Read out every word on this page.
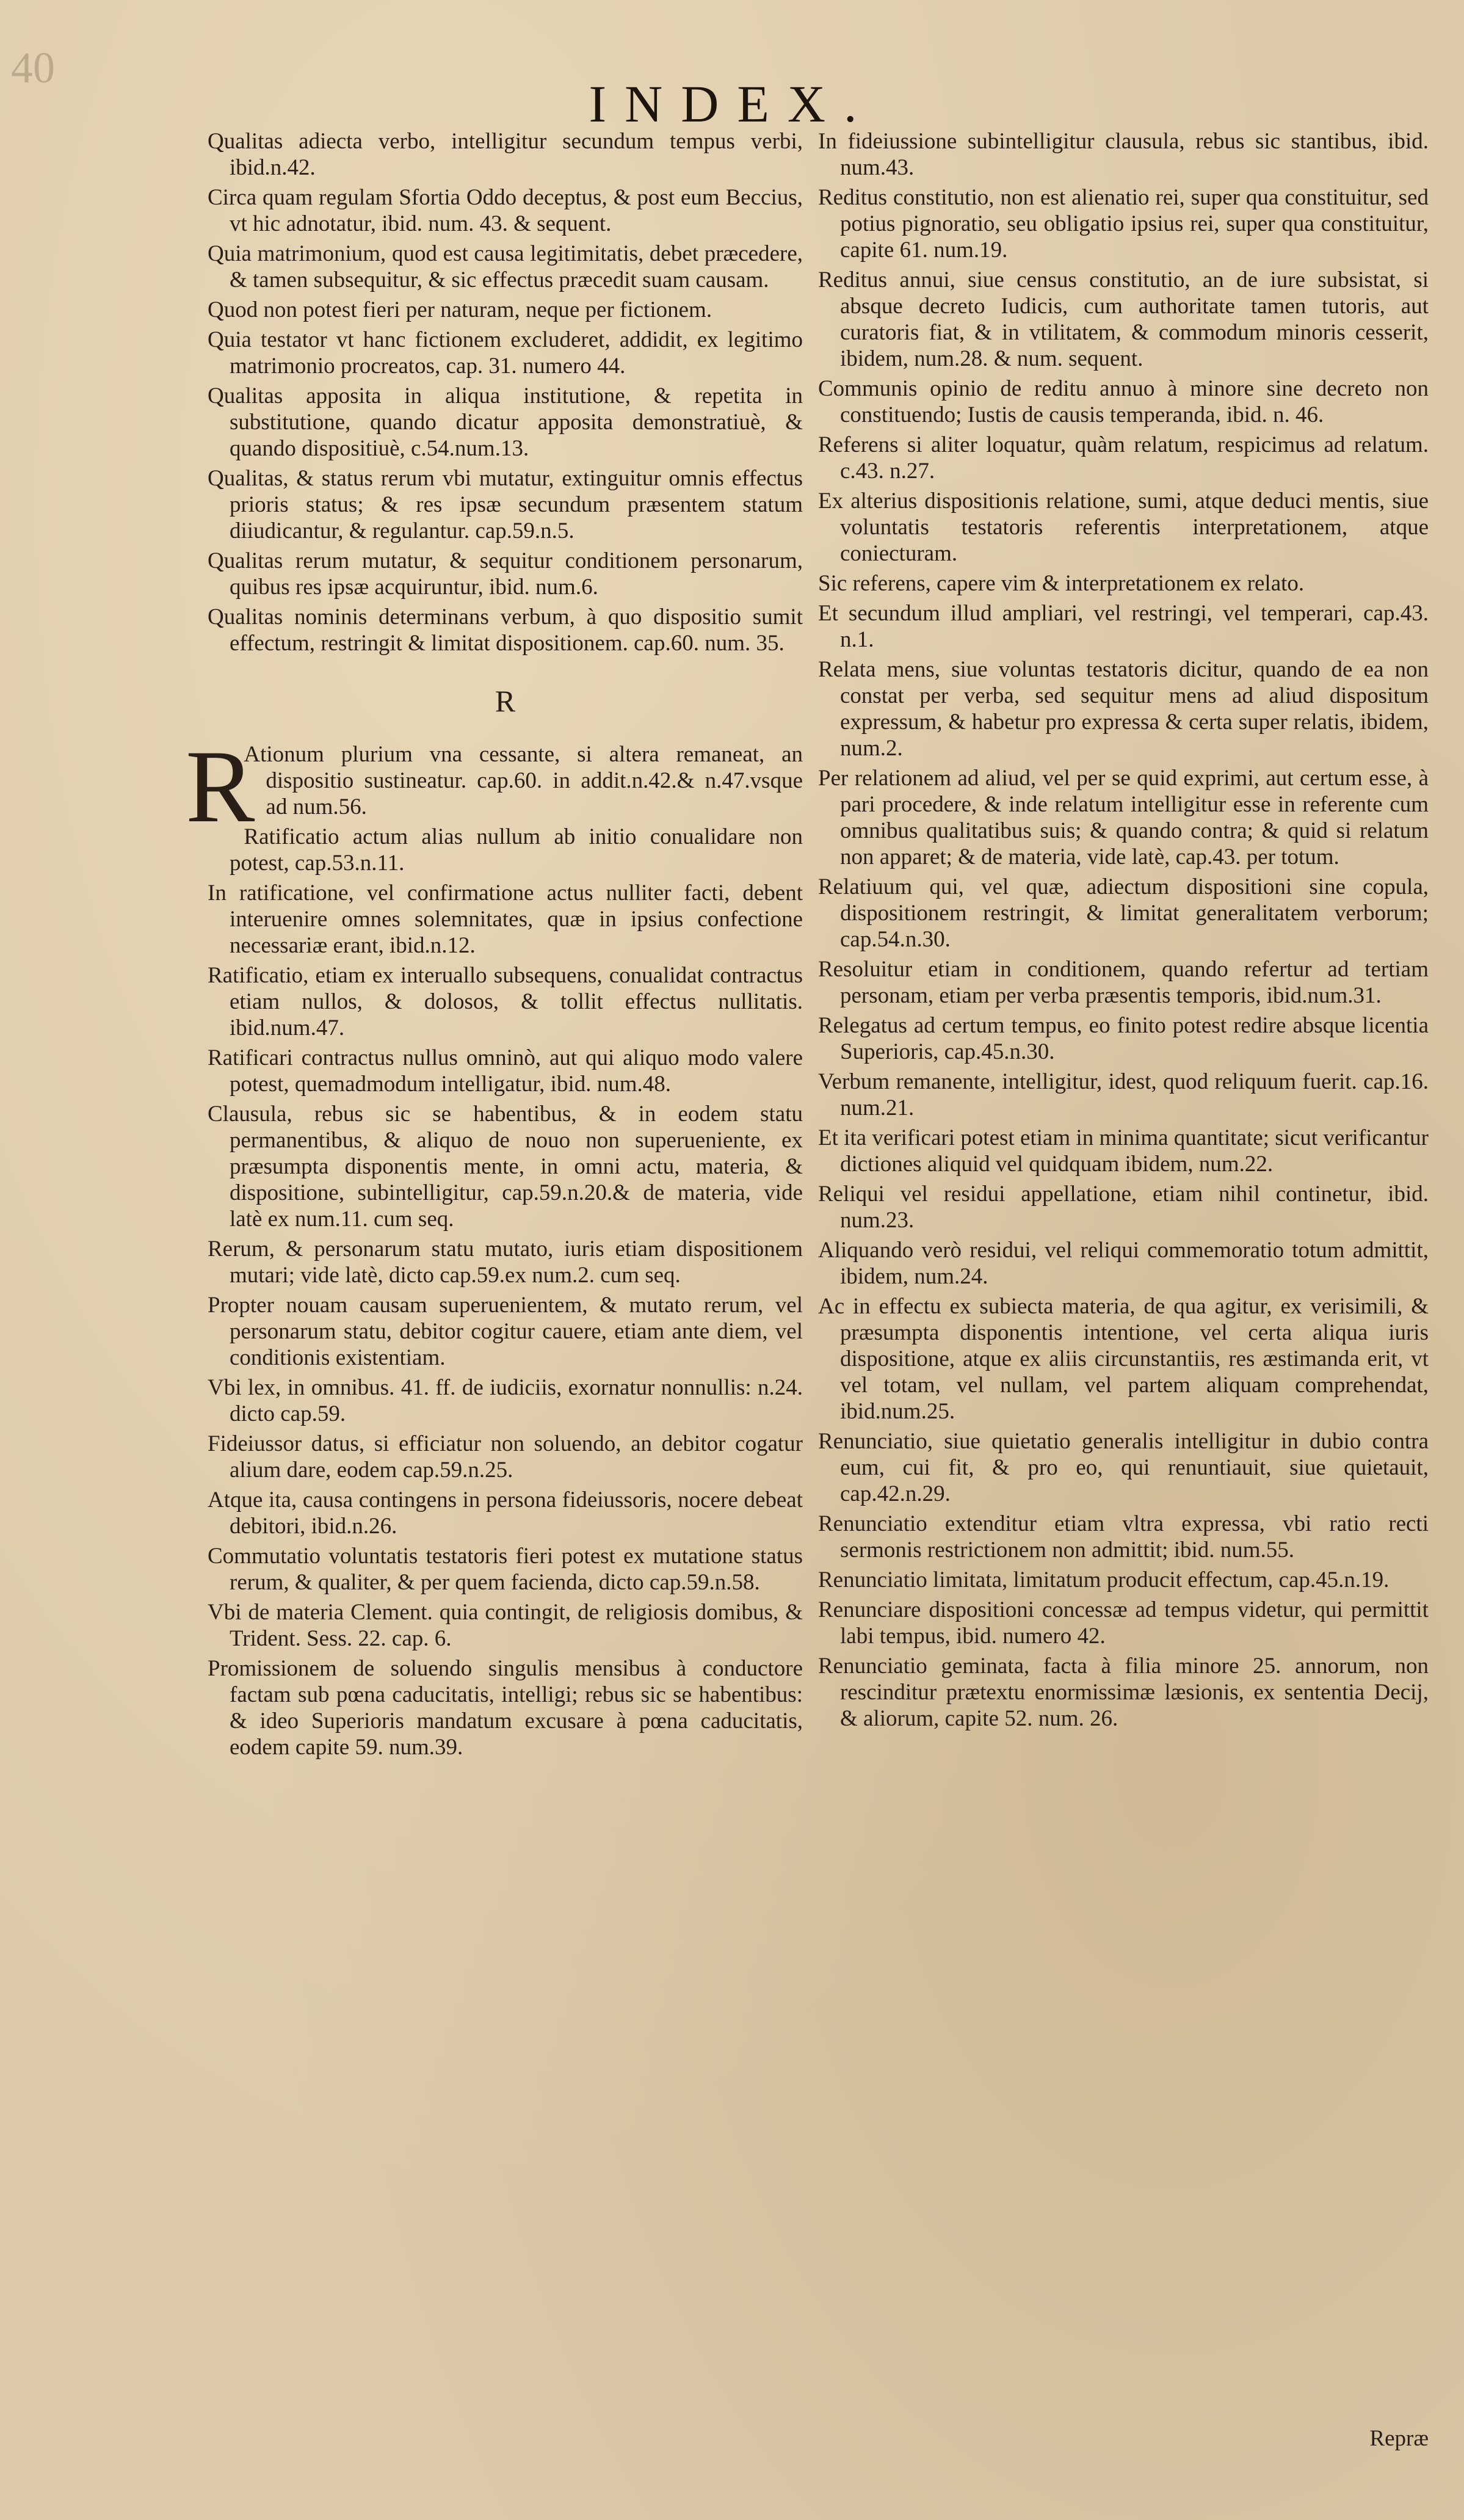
40
INDEX.

Qualitas adiecta verbo, intelligitur secundum tempus verbi, ibid.n.42.

Circa quam regulam Sfortia Oddo deceptus, & post eum Beccius, vt hic adnotatur, ibid. num. 43. & sequent.

Quia matrimonium, quod est causa legitimitatis, debet præcedere, & tamen subsequitur, & sic effectus præcedit suam causam.

Quod non potest fieri per naturam, neque per fictionem.

Quia testator vt hanc fictionem excluderet, addidit, ex legitimo matrimonio procreatos, cap. 31. numero 44.

Qualitas apposita in aliqua institutione, & repetita in substitutione, quando dicatur apposita demonstratiuè, & quando dispositiuè, c.54.num.13.

Qualitas, & status rerum vbi mutatur, extinguitur omnis effectus prioris status; & res ipsæ secundum præsentem statum diiudicantur, & regulantur. cap.59.n.5.

Qualitas rerum mutatur, & sequitur conditionem personarum, quibus res ipsæ acquiruntur, ibid. num.6.

Qualitas nominis determinans verbum, à quo dispositio sumit effectum, restringit & limitat dispositionem. cap.60. num. 35.

R

R
Ationum plurium vna cessante, si altera remaneat, an dispositio sustineatur. cap.60. in addit.n.42.& n.47.vsque ad num.56.

Ratificatio actum alias nullum ab initio conualidare non potest, cap.53.n.11.

In ratificatione, vel confirmatione actus nulliter facti, debent interuenire omnes solemnitates, quæ in ipsius confectione necessariæ erant, ibid.n.12.

Ratificatio, etiam ex interuallo subsequens, conualidat contractus etiam nullos, & dolosos, & tollit effectus nullitatis. ibid.num.47.

Ratificari contractus nullus omninò, aut qui aliquo modo valere potest, quemadmodum intelligatur, ibid. num.48.

Clausula, rebus sic se habentibus, & in eodem statu permanentibus, & aliquo de nouo non superueniente, ex præsumpta disponentis mente, in omni actu, materia, & dispositione, subintelligitur, cap.59.n.20.& de materia, vide latè ex num.11. cum seq.

Rerum, & personarum statu mutato, iuris etiam dispositionem mutari; vide latè, dicto cap.59.ex num.2. cum seq.

Propter nouam causam superuenientem, & mutato rerum, vel personarum statu, debitor cogitur cauere, etiam ante diem, vel conditionis existentiam.

Vbi lex, in omnibus. 41. ff. de iudiciis, exornatur nonnullis: n.24. dicto cap.59.

Fideiussor datus, si efficiatur non soluendo, an debitor cogatur alium dare, eodem cap.59.n.25.

Atque ita, causa contingens in persona fideiussoris, nocere debeat debitori, ibid.n.26.

Commutatio voluntatis testatoris fieri potest ex mutatione status rerum, & qualiter, & per quem facienda, dicto cap.59.n.58.

Vbi de materia Clement. quia contingit, de religiosis domibus, & Trident. Sess. 22. cap. 6.

Promissionem de soluendo singulis mensibus à conductore factam sub pœna caducitatis, intelligi; rebus sic se habentibus: & ideo Superioris mandatum excusare à pœna caducitatis, eodem capite 59. num.39.

In fideiussione subintelligitur clausula, rebus sic stantibus, ibid. num.43.

Reditus constitutio, non est alienatio rei, super qua constituitur, sed potius pignoratio, seu obligatio ipsius rei, super qua constituitur, capite 61. num.19.

Reditus annui, siue census constitutio, an de iure subsistat, si absque decreto Iudicis, cum authoritate tamen tutoris, aut curatoris fiat, & in vtilitatem, & commodum minoris cesserit, ibidem, num.28. & num. sequent.

Communis opinio de reditu annuo à minore sine decreto non constituendo; Iustis de causis temperanda, ibid. n. 46.

Referens si aliter loquatur, quàm relatum, respicimus ad relatum. c.43. n.27.

Ex alterius dispositionis relatione, sumi, atque deduci mentis, siue voluntatis testatoris referentis interpretationem, atque coniecturam.

Sic referens, capere vim & interpretationem ex relato.

Et secundum illud ampliari, vel restringi, vel temperari, cap.43. n.1.

Relata mens, siue voluntas testatoris dicitur, quando de ea non constat per verba, sed sequitur mens ad aliud dispositum expressum, & habetur pro expressa & certa super relatis, ibidem, num.2.

Per relationem ad aliud, vel per se quid exprimi, aut certum esse, à pari procedere, & inde relatum intelligitur esse in referente cum omnibus qualitatibus suis; & quando contra; & quid si relatum non apparet; & de materia, vide latè, cap.43. per totum.

Relatiuum qui, vel quæ, adiectum dispositioni sine copula, dispositionem restringit, & limitat generalitatem verborum; cap.54.n.30.

Resoluitur etiam in conditionem, quando refertur ad tertiam personam, etiam per verba præsentis temporis, ibid.num.31.

Relegatus ad certum tempus, eo finito potest redire absque licentia Superioris, cap.45.n.30.

Verbum remanente, intelligitur, idest, quod reliquum fuerit. cap.16. num.21.

Et ita verificari potest etiam in minima quantitate; sicut verificantur dictiones aliquid vel quidquam ibidem, num.22.

Reliqui vel residui appellatione, etiam nihil continetur, ibid. num.23.

Aliquando verò residui, vel reliqui commemoratio totum admittit, ibidem, num.24.

Ac in effectu ex subiecta materia, de qua agitur, ex verisimili, & præsumpta disponentis intentione, vel certa aliqua iuris dispositione, atque ex aliis circunstantiis, res æstimanda erit, vt vel totam, vel nullam, vel partem aliquam comprehendat, ibid.num.25.

Renunciatio, siue quietatio generalis intelligitur in dubio contra eum, cui fit, & pro eo, qui renuntiauit, siue quietauit, cap.42.n.29.

Renunciatio extenditur etiam vltra expressa, vbi ratio recti sermonis restrictionem non admittit; ibid. num.55.

Renunciatio limitata, limitatum producit effectum, cap.45.n.19.

Renunciare dispositioni concessæ ad tempus videtur, qui permittit labi tempus, ibid. numero 42.

Renunciatio geminata, facta à filia minore 25. annorum, non rescinditur prætextu enormissimæ læsionis, ex sententia Decij, & aliorum, capite 52. num. 26.

Repræ
